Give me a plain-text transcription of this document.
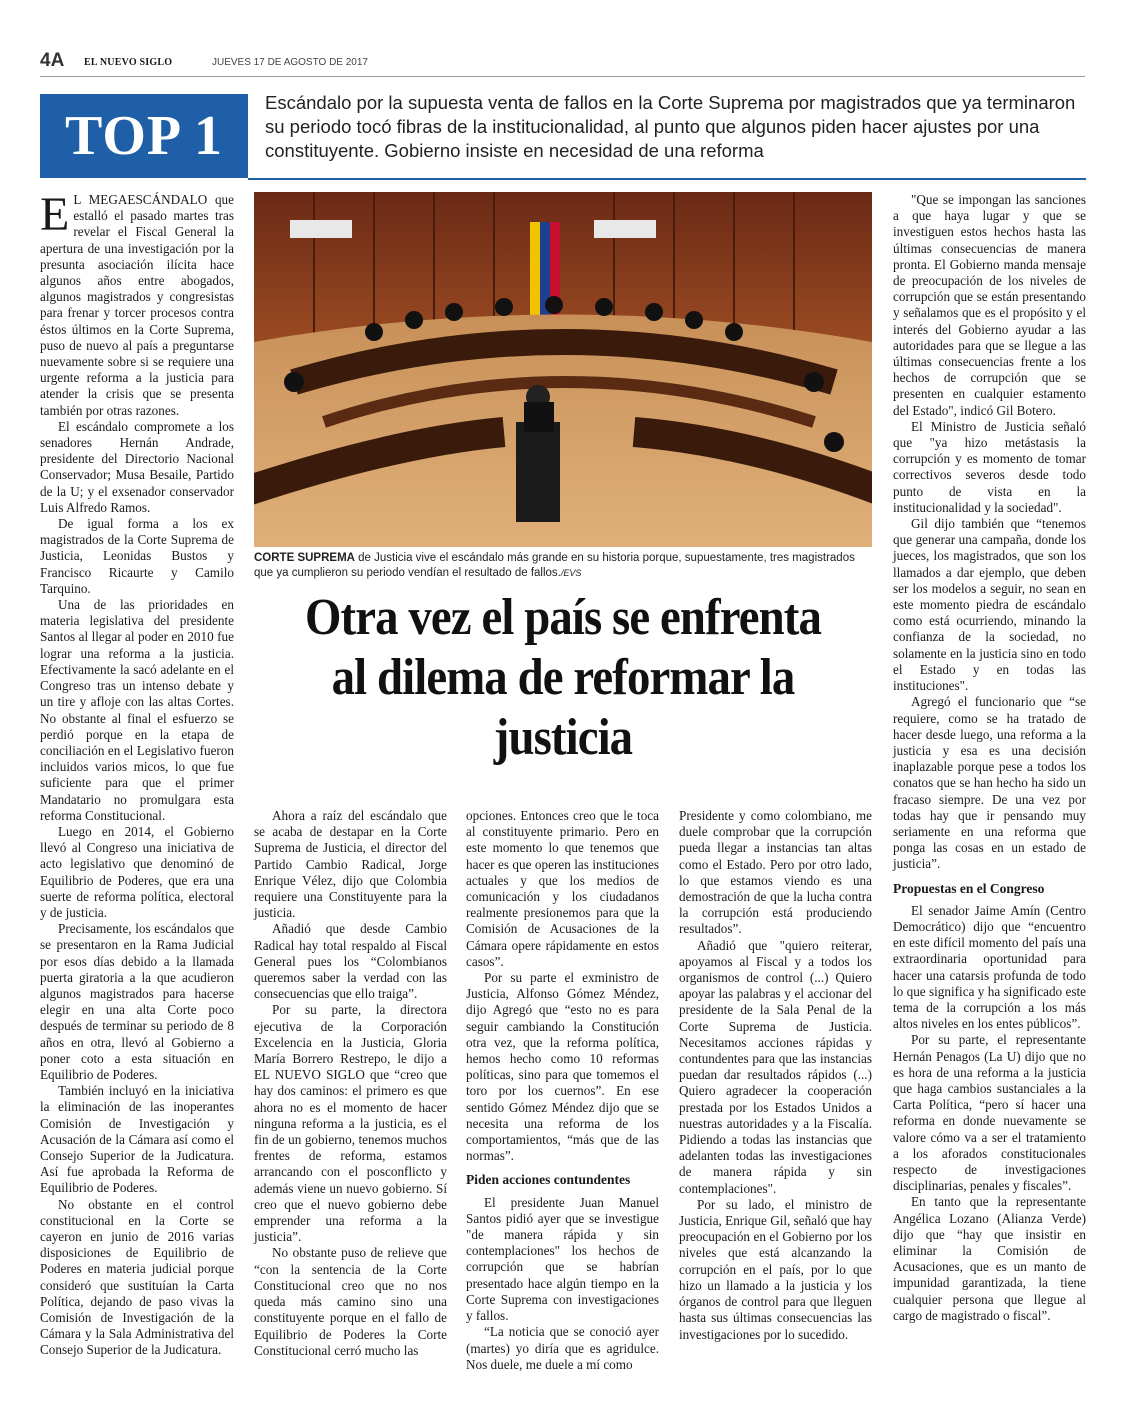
4A EL NUEVO SIGLO	JUEVES 17 DE AGOSTO DE 2017
TOP 1
Escándalo por la supuesta venta de fallos en la Corte Suprema por magistrados que ya terminaron su periodo tocó fibras de la institucionalidad, al punto que algunos piden hacer ajustes por una constituyente. Gobierno insiste en necesidad de una reforma

E L MEGAESCÁNDALO que estalló el pasado martes tras revelar el Fiscal General la apertura de una investigación por la presunta asociación ilícita hace algunos años entre abogados, algunos magistrados y congresistas para frenar y torcer procesos contra éstos últimos en la Corte Suprema, puso de nuevo al país a preguntarse nuevamente sobre si se requiere una urgente reforma a la justicia para atender la crisis que se presenta también por otras razones.

El escándalo compromete a los senadores Hernán Andrade, presidente del Directorio Nacional Conservador; Musa Besaile, Partido de la U; y el exsenador conservador Luis Alfredo Ramos.

De igual forma a los ex magistrados de la Corte Suprema de Justicia, Leonidas Bustos y Francisco Ricaurte y Camilo Tarquino.

Una de las prioridades en materia legislativa del presidente Santos al llegar al poder en 2010 fue lograr una reforma a la justicia. Efectivamente la sacó adelante en el Congreso tras un intenso debate y un tire y afloje con las altas Cortes. No obstante al final el esfuerzo se perdió porque en la etapa de conciliación en el Legislativo fueron incluidos varios micos, lo que fue suficiente para que el primer Mandatario no promulgara esta reforma Constitucional.

Luego en 2014, el Gobierno llevó al Congreso una iniciativa de acto legislativo que denominó de Equilibrio de Poderes, que era una suerte de reforma política, electoral y de justicia.

Precisamente, los escándalos que se presentaron en la Rama Judicial por esos días debido a la llamada puerta giratoria a la que acudieron algunos magistrados para hacerse elegir en una alta Corte poco después de terminar su periodo de 8 años en otra, llevó al Gobierno a poner coto a esta situación en Equilibrio de Poderes.

También incluyó en la iniciativa la eliminación de las inoperantes Comisión de Investigación y Acusación de la Cámara así como el Consejo Superior de la Judicatura. Así fue aprobada la Reforma de Equilibrio de Poderes.

No obstante en el control constitucional en la Corte se cayeron en junio de 2016 varias disposiciones de Equilibrio de Poderes en materia judicial porque consideró que sustituían la Carta Política, dejando de paso vivas la Comisión de Investigación de la Cámara y la Sala Administrativa del Consejo Superior de la Judicatura.

CORTE SUPREMA de Justicia vive el escándalo más grande en su historia porque, supuestamente, tres magistrados que ya cumplieron su periodo vendían el resultado de fallos./EVS
Otra vez el país se enfrenta al dilema de reformar la justicia

Ahora a raíz del escándalo que se acaba de destapar en la Corte Suprema de Justicia, el director del Partido Cambio Radical, Jorge Enrique Vélez, dijo que Colombia requiere una Constituyente para la justicia.

Añadió que desde Cambio Radical hay total respaldo al Fiscal General pues los “Colombianos queremos saber la verdad con las consecuencias que ello traiga”.

Por su parte, la directora ejecutiva de la Corporación Excelencia en la Justicia, Gloria María Borrero Restrepo, le dijo a EL NUEVO SIGLO que “creo que hay dos caminos: el primero es que ahora no es el momento de hacer ninguna reforma a la justicia, es el fin de un gobierno, tenemos muchos frentes de reforma, estamos arrancando con el posconflicto y además viene un nuevo gobierno. Sí creo que el nuevo gobierno debe emprender una reforma a la justicia”.

No obstante puso de relieve que “con la sentencia de la Corte Constitucional creo que no nos queda más camino sino una constituyente porque en el fallo de Equilibrio de Poderes la Corte Constitucional cerró mucho las

opciones. Entonces creo que le toca al constituyente primario. Pero en este momento lo que tenemos que hacer es que operen las instituciones actuales y que los medios de comunicación y los ciudadanos realmente presionemos para que la Comisión de Acusaciones de la Cámara opere rápidamente en estos casos”.

Por su parte el exministro de Justicia, Alfonso Gómez Méndez, dijo Agregó que “esto no es para seguir cambiando la Constitución otra vez, que la reforma política, hemos hecho como 10 reformas políticas, sino para que tomemos el toro por los cuernos”. En ese sentido Gómez Méndez dijo que se necesita una reforma de los comportamientos, “más que de las normas”.

Piden acciones contundentes

El presidente Juan Manuel Santos pidió ayer que se investigue "de manera rápida y sin contemplaciones" los hechos de corrupción que se habrían presentado hace algún tiempo en la Corte Suprema con investigaciones y fallos.

“La noticia que se conoció ayer (martes) yo diría que es agridulce. Nos duele, me duele a mí como

Presidente y como colombiano, me duele comprobar que la corrupción pueda llegar a instancias tan altas como el Estado. Pero por otro lado, lo que estamos viendo es una demostración de que la lucha contra la corrupción está produciendo resultados”.

Añadió que "quiero reiterar, apoyamos al Fiscal y a todos los organismos de control (...) Quiero apoyar las palabras y el accionar del presidente de la Sala Penal de la Corte Suprema de Justicia. Necesitamos acciones rápidas y contundentes para que las instancias puedan dar resultados rápidos (...) Quiero agradecer la cooperación prestada por los Estados Unidos a nuestras autoridades y a la Fiscalía. Pidiendo a todas las instancias que adelanten todas las investigaciones de manera rápida y sin contemplaciones".

Por su lado, el ministro de Justicia, Enrique Gil, señaló que hay preocupación en el Gobierno por los niveles que está alcanzando la corrupción en el país, por lo que hizo un llamado a la justicia y los órganos de control para que lleguen hasta sus últimas consecuencias las investigaciones por lo sucedido.

"Que se impongan las sanciones a que haya lugar y que se investiguen estos hechos hasta las últimas consecuencias de manera pronta. El Gobierno manda mensaje de preocupación de los niveles de corrupción que se están presentando y señalamos que es el propósito y el interés del Gobierno ayudar a las autoridades para que se llegue a las últimas consecuencias frente a los hechos de corrupción que se presenten en cualquier estamento del Estado", indicó Gil Botero.

El Ministro de Justicia señaló que "ya hizo metástasis la corrupción y es momento de tomar correctivos severos desde todo punto de vista en la institucionalidad y la sociedad".

Gil dijo también que “tenemos que generar una campaña, donde los jueces, los magistrados, que son los llamados a dar ejemplo, que deben ser los modelos a seguir, no sean en este momento piedra de escándalo como está ocurriendo, minando la confianza de la sociedad, no solamente en la justicia sino en todo el Estado y en todas las instituciones".

Agregó el funcionario que “se requiere, como se ha tratado de hacer desde luego, una reforma a la justicia y esa es una decisión inaplazable porque pese a todos los conatos que se han hecho ha sido un fracaso siempre. De una vez por todas hay que ir pensando muy seriamente en una reforma que ponga las cosas en un estado de justicia”.

Propuestas en el Congreso

El senador Jaime Amín (Centro Democrático) dijo que “encuentro en este difícil momento del país una extraordinaria oportunidad para hacer una catarsis profunda de todo lo que significa y ha significado este tema de la corrupción a los más altos niveles en los entes públicos”.

Por su parte, el representante Hernán Penagos (La U) dijo que no es hora de una reforma a la justicia que haga cambios sustanciales a la Carta Política, “pero sí hacer una reforma en donde nuevamente se valore cómo va a ser el tratamiento a los aforados constitucionales respecto de investigaciones disciplinarias, penales y fiscales”.

En tanto que la representante Angélica Lozano (Alianza Verde) dijo que “hay que insistir en eliminar la Comisión de Acusaciones, que es un manto de impunidad garantizada, la tiene cualquier persona que llegue al cargo de magistrado o fiscal”.
